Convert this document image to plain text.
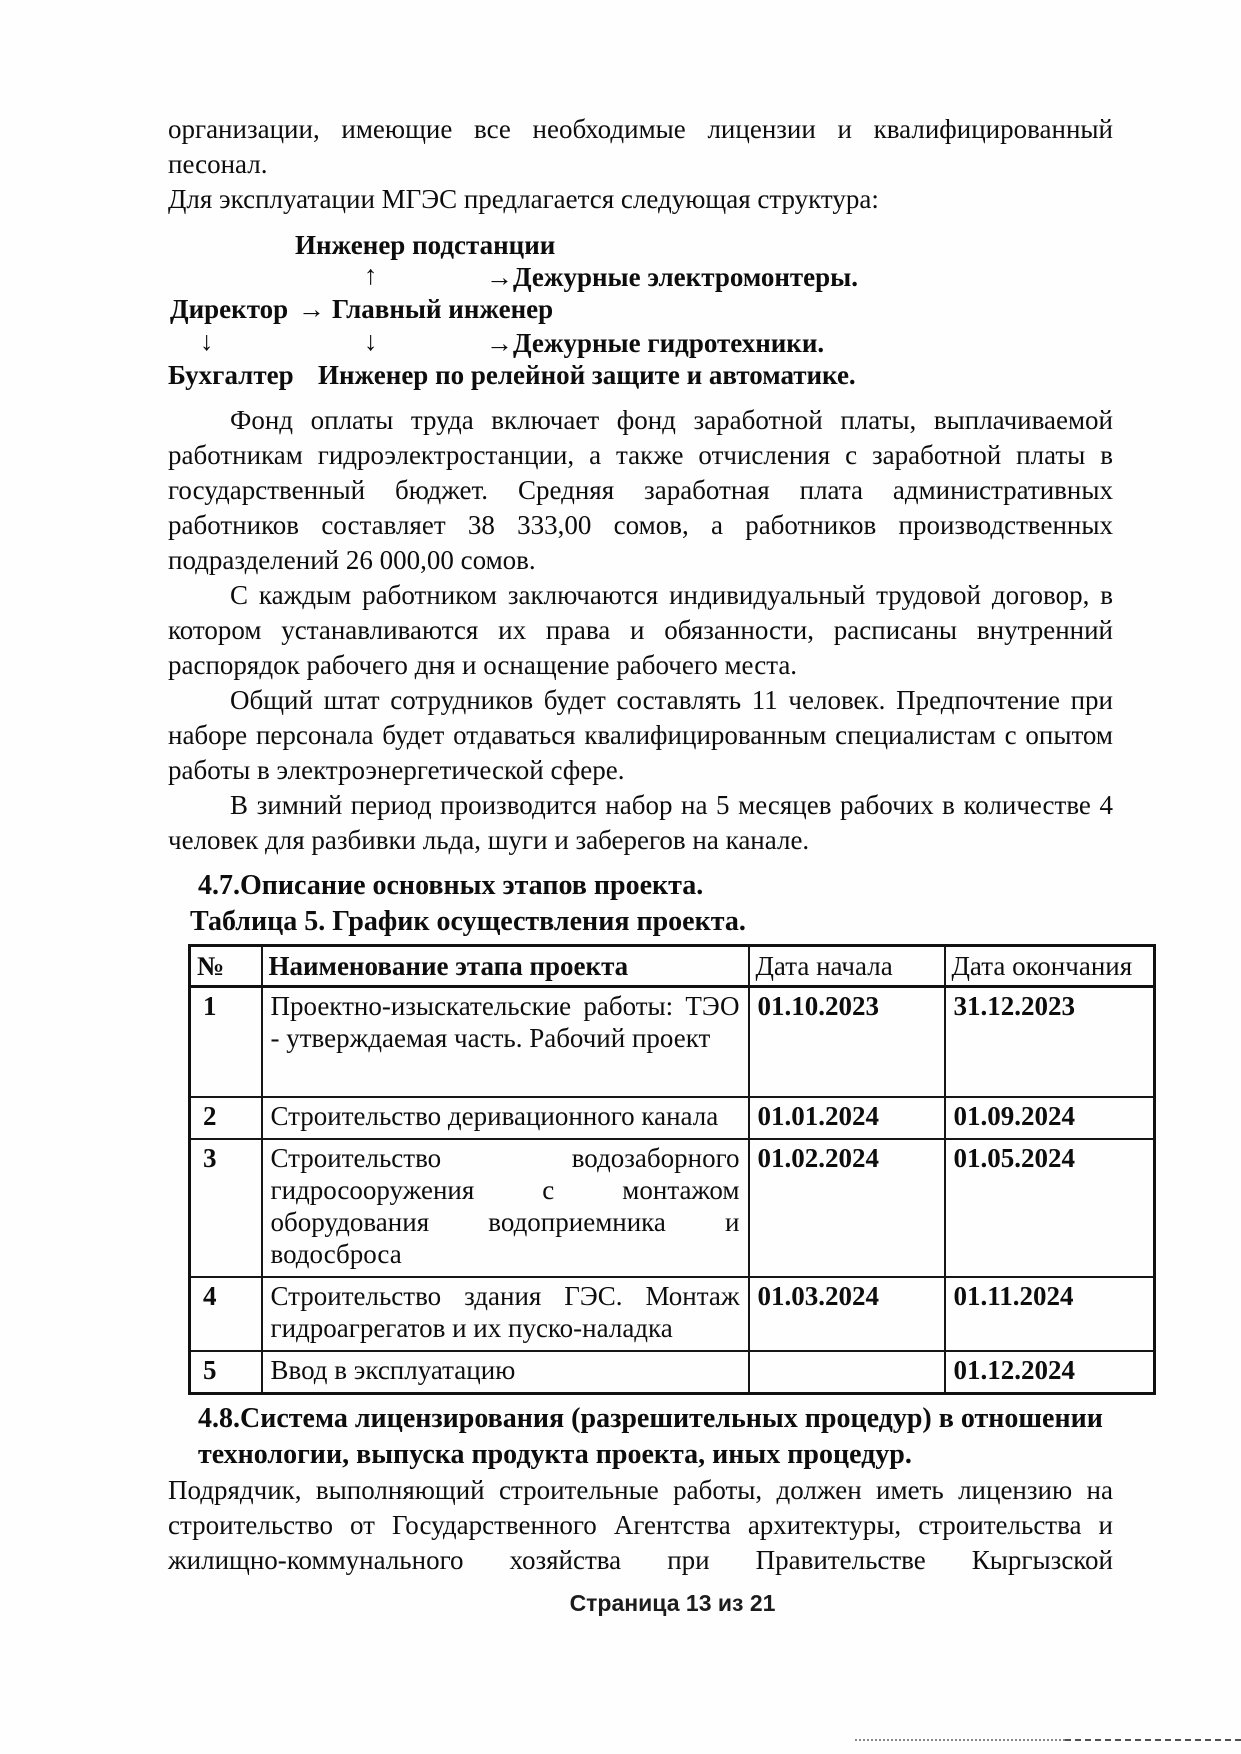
организации, имеющие все необходимые лицензии и квалифицированный песонал.

Для эксплуатации МГЭС предлагается следующая структура:

Инженер подстанции
↑	→Дежурные электромонтеры.
Директор → Главный инженер
↓	↓	→Дежурные гидротехники.
Бухгалтер Инженер по релейной защите и автоматике.

Фонд оплаты труда включает фонд заработной платы, выплачиваемой работникам гидроэлектростанции, а также отчисления с заработной платы в государственный бюджет. Средняя заработная плата административных работников составляет 38 333,00 сомов, а работников производственных подразделений 26 000,00 сомов.

С каждым работником заключаются индивидуальный трудовой договор, в котором устанавливаются их права и обязанности, расписаны внутренний распорядок рабочего дня и оснащение рабочего места.

Общий штат сотрудников будет составлять 11 человек. Предпочтение при наборе персонала будет отдаваться квалифицированным специалистам с опытом работы в электроэнергетической сфере.

В зимний период производится набор на 5 месяцев рабочих в количестве 4 человек для разбивки льда, шуги и заберегов на канале.

4.7.Описание основных этапов проекта.
Таблица 5. График осуществления проекта.
№	Наименование этапа проекта	Дата начала	Дата окончания
1	Проектно-изыскательские работы: ТЭО - утверждаемая часть. Рабочий проект	01.10.2023	31.12.2023
2	Строительство деривационного канала	01.01.2024	01.09.2024
3	Строительство водозаборного гидросооружения с монтажом оборудования водоприемника и водосброса	01.02.2024	01.05.2024
4	Строительство здания ГЭС. Монтаж гидроагрегатов и их пуско-наладка	01.03.2024	01.11.2024
5	Ввод в эксплуатацию		01.12.2024
4.8.Система лицензирования (разрешительных процедур) в отношении
технологии, выпуска продукта проекта, иных процедур.

Подрядчик, выполняющий строительные работы, должен иметь лицензию на строительство от Государственного Агентства архитектуры, строительства и жилищно-коммунального хозяйства при Правительстве Кыргызской

Страница 13 из 21
